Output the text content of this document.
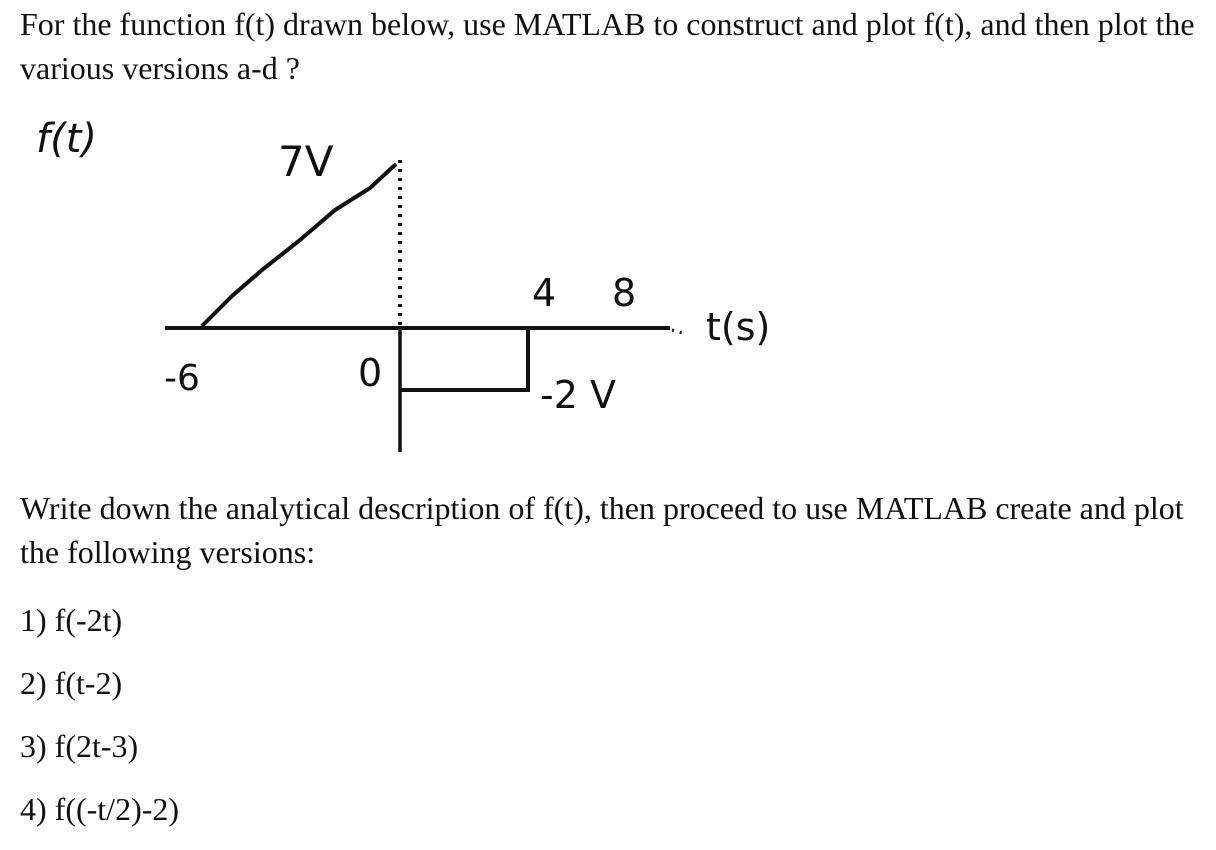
For the function f(t) drawn below, use MATLAB to construct and plot f(t), and then plot the various versions a-d ?

f(t)	7V
4 8
t(s)
-6	0	-2 V

Write down the analytical description of f(t), then proceed to use MATLAB create and plot the following versions:

1) f(-2t)
2) f(t-2)
3) f(2t-3)
4) f((-t/2)-2)
